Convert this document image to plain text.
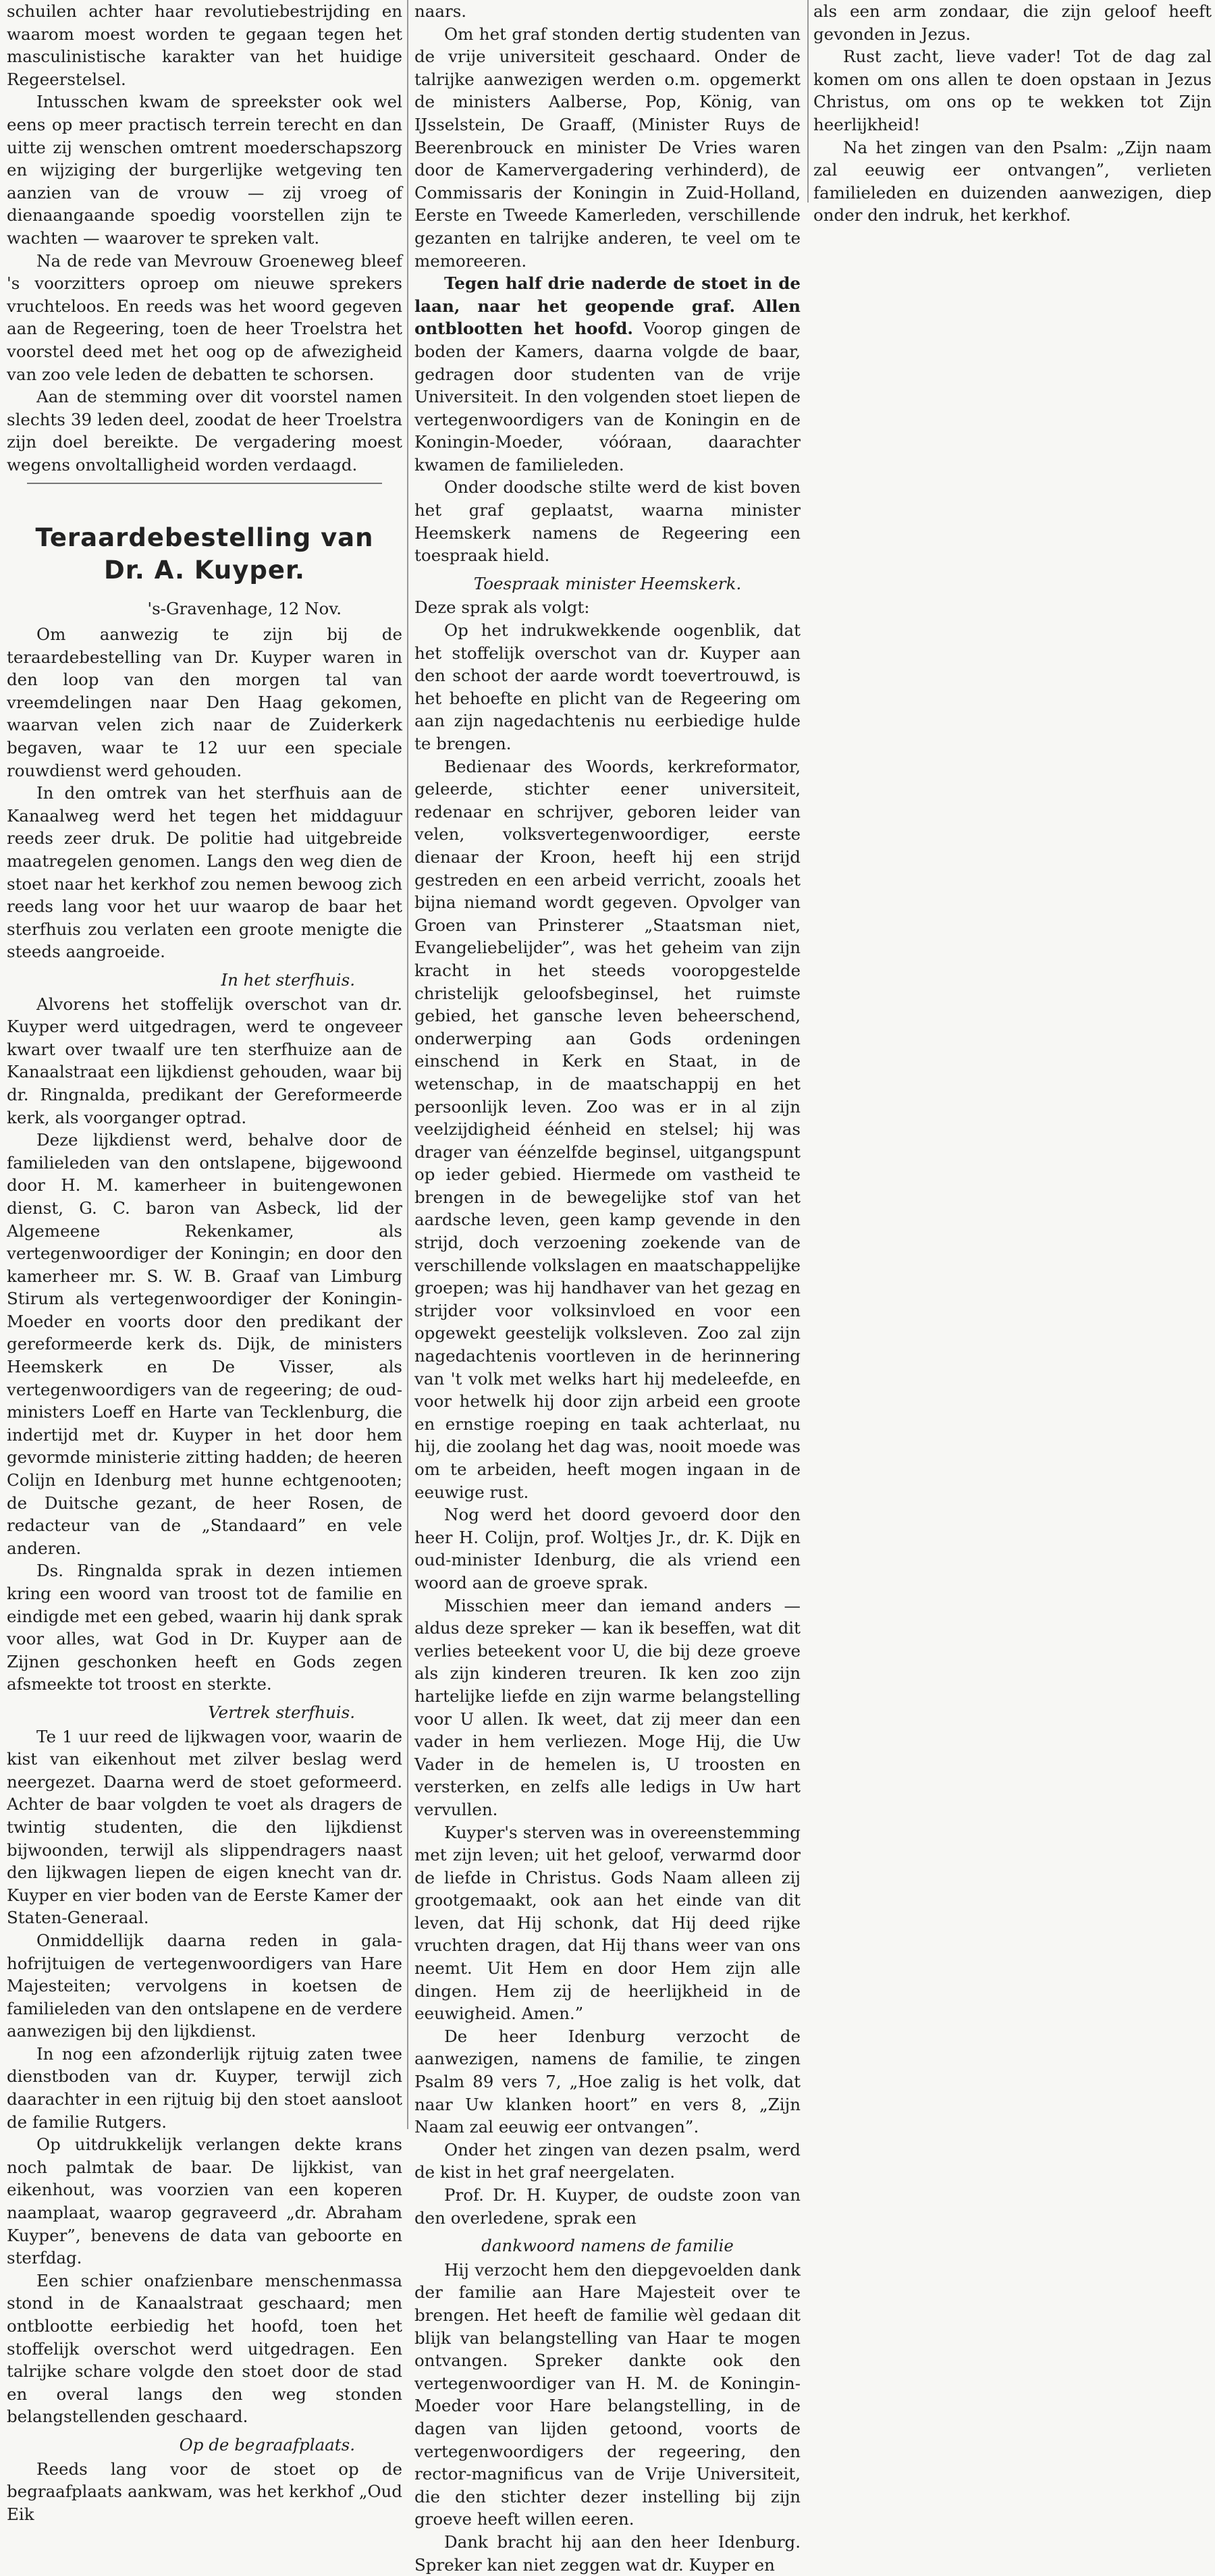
schuilen achter haar revolutiebestrijding en waarom moest worden te gegaan tegen het masculinistische karakter van het huidige Regeerstelsel.

Intusschen kwam de spreekster ook wel eens op meer practisch terrein terecht en dan uitte zij wenschen omtrent moederschapszorg en wijziging der burgerlijke wetgeving ten aanzien van de vrouw — zij vroeg of dienaangaande spoedig voorstellen zijn te wachten — waarover te spreken valt.

Na de rede van Mevrouw Groeneweg bleef 's voorzitters oproep om nieuwe sprekers vruchteloos. En reeds was het woord gegeven aan de Regeering, toen de heer Troelstra het voorstel deed met het oog op de afwezigheid van zoo vele leden de debatten te schorsen.

Aan de stemming over dit voorstel namen slechts 39 leden deel, zoodat de heer Troelstra zijn doel bereikte. De vergadering moest wegens onvoltalligheid worden verdaagd.

Teraardebestelling van
Dr. A. Kuyper.
's-Gravenhage, 12 Nov.

Om aanwezig te zijn bij de teraardebestelling van Dr. Kuyper waren in den loop van den morgen tal van vreemdelingen naar Den Haag gekomen, waarvan velen zich naar de Zuiderkerk begaven, waar te 12 uur een speciale rouwdienst werd gehouden.

In den omtrek van het sterfhuis aan de Kanaalweg werd het tegen het middaguur reeds zeer druk. De politie had uitgebreide maatregelen genomen. Langs den weg dien de stoet naar het kerkhof zou nemen bewoog zich reeds lang voor het uur waarop de baar het sterfhuis zou verlaten een groote menigte die steeds aangroeide.

In het sterfhuis.

Alvorens het stoffelijk overschot van dr. Kuyper werd uitgedragen, werd te ongeveer kwart over twaalf ure ten sterfhuize aan de Kanaalstraat een lijkdienst gehouden, waar bij dr. Ringnalda, predikant der Gereformeerde kerk, als voorganger optrad.

Deze lijkdienst werd, behalve door de familieleden van den ontslapene, bijgewoond door H. M. kamerheer in buitengewonen dienst, G. C. baron van Asbeck, lid der Algemeene Rekenkamer, als vertegenwoordiger der Koningin; en door den kamerheer mr. S. W. B. Graaf van Limburg Stirum als vertegenwoordiger der Koningin-Moeder en voorts door den predikant der gereformeerde kerk ds. Dijk, de ministers Heemskerk en De Visser, als vertegenwoordigers van de regeering; de oud-ministers Loeff en Harte van Tecklenburg, die indertijd met dr. Kuyper in het door hem gevormde ministerie zitting hadden; de heeren Colijn en Idenburg met hunne echtgenooten; de Duitsche gezant, de heer Rosen, de redacteur van de „Standaard” en vele anderen.

Ds. Ringnalda sprak in dezen intiemen kring een woord van troost tot de familie en eindigde met een gebed, waarin hij dank sprak voor alles, wat God in Dr. Kuyper aan de Zijnen geschonken heeft en Gods zegen afsmeekte tot troost en sterkte.

Vertrek sterfhuis.

Te 1 uur reed de lijkwagen voor, waarin de kist van eikenhout met zilver beslag werd neergezet. Daarna werd de stoet geformeerd. Achter de baar volgden te voet als dragers de twintig studenten, die den lijkdienst bijwoonden, terwijl als slippendragers naast den lijkwagen liepen de eigen knecht van dr. Kuyper en vier boden van de Eerste Kamer der Staten-Generaal.

Onmiddellijk daarna reden in gala-hofrijtuigen de vertegenwoordigers van Hare Majesteiten; vervolgens in koetsen de familieleden van den ontslapene en de verdere aanwezigen bij den lijkdienst.

In nog een afzonderlijk rijtuig zaten twee dienstboden van dr. Kuyper, terwijl zich daarachter in een rijtuig bij den stoet aansloot de familie Rutgers.

Op uitdrukkelijk verlangen dekte krans noch palmtak de baar. De lijkkist, van eikenhout, was voorzien van een koperen naamplaat, waarop gegraveerd „dr. Abraham Kuyper”, benevens de data van geboorte en sterfdag.

Een schier onafzienbare menschenmassa stond in de Kanaalstraat geschaard; men ontblootte eerbiedig het hoofd, toen het stoffelijk overschot werd uitgedragen. Een talrijke schare volgde den stoet door de stad en overal langs den weg stonden belangstellenden geschaard.

Op de begraafplaats.

Reeds lang voor de stoet op de begraafplaats aankwam, was het kerkhof „Oud Eik

naars.

Om het graf stonden dertig studenten van de vrije universiteit geschaard. Onder de talrijke aanwezigen werden o.m. opgemerkt de ministers Aalberse, Pop, König, van IJsselstein, De Graaff, (Minister Ruys de Beerenbrouck en minister De Vries waren door de Kamervergadering verhinderd), de Commissaris der Koningin in Zuid-Holland, Eerste en Tweede Kamerleden, verschillende gezanten en talrijke anderen, te veel om te memoreeren.

Tegen half drie naderde de stoet in de laan, naar het geopende graf. Allen ontblootten het hoofd. Voorop gingen de boden der Kamers, daarna volgde de baar, gedragen door studenten van de vrije Universiteit. In den volgenden stoet liepen de vertegenwoordigers van de Koningin en de Koningin-Moeder, vóóraan, daarachter kwamen de familieleden.

Onder doodsche stilte werd de kist boven het graf geplaatst, waarna minister Heemskerk namens de Regeering een toespraak hield.

Toespraak minister Heemskerk.

Deze sprak als volgt:

Op het indrukwekkende oogenblik, dat het stoffelijk overschot van dr. Kuyper aan den schoot der aarde wordt toevertrouwd, is het behoefte en plicht van de Regeering om aan zijn nagedachtenis nu eerbiedige hulde te brengen.

Bedienaar des Woords, kerkreformator, geleerde, stichter eener universiteit, redenaar en schrijver, geboren leider van velen, volksvertegenwoordiger, eerste dienaar der Kroon, heeft hij een strijd gestreden en een arbeid verricht, zooals het bijna niemand wordt gegeven. Opvolger van Groen van Prinsterer „Staatsman niet, Evangeliebelijder”, was het geheim van zijn kracht in het steeds vooropgestelde christelijk geloofsbeginsel, het ruimste gebied, het gansche leven beheerschend, onderwerping aan Gods ordeningen einschend in Kerk en Staat, in de wetenschap, in de maatschappij en het persoonlijk leven. Zoo was er in al zijn veelzijdigheid éénheid en stelsel; hij was drager van éénzelfde beginsel, uitgangspunt op ieder gebied. Hiermede om vastheid te brengen in de bewegelijke stof van het aardsche leven, geen kamp gevende in den strijd, doch verzoening zoekende van de verschillende volkslagen en maatschappelijke groepen; was hij handhaver van het gezag en strijder voor volksinvloed en voor een opgewekt geestelijk volksleven. Zoo zal zijn nagedachtenis voortleven in de herinnering van 't volk met welks hart hij medeleefde, en voor hetwelk hij door zijn arbeid een groote en ernstige roeping en taak achterlaat, nu hij, die zoolang het dag was, nooit moede was om te arbeiden, heeft mogen ingaan in de eeuwige rust.

Nog werd het doord gevoerd door den heer H. Colijn, prof. Woltjes Jr., dr. K. Dijk en oud-minister Idenburg, die als vriend een woord aan de groeve sprak.

Misschien meer dan iemand anders — aldus deze spreker — kan ik beseffen, wat dit verlies beteekent voor U, die bij deze groeve als zijn kinderen treuren. Ik ken zoo zijn hartelijke liefde en zijn warme belangstelling voor U allen. Ik weet, dat zij meer dan een vader in hem verliezen. Moge Hij, die Uw Vader in de hemelen is, U troosten en versterken, en zelfs alle ledigs in Uw hart vervullen.

Kuyper's sterven was in overeenstemming met zijn leven; uit het geloof, verwarmd door de liefde in Christus. Gods Naam alleen zij grootgemaakt, ook aan het einde van dit leven, dat Hij schonk, dat Hij deed rijke vruchten dragen, dat Hij thans weer van ons neemt. Uit Hem en door Hem zijn alle dingen. Hem zij de heerlijkheid in de eeuwigheid. Amen.”

De heer Idenburg verzocht de aanwezigen, namens de familie, te zingen Psalm 89 vers 7, „Hoe zalig is het volk, dat naar Uw klanken hoort” en vers 8, „Zijn Naam zal eeuwig eer ontvangen”.

Onder het zingen van dezen psalm, werd de kist in het graf neergelaten.

Prof. Dr. H. Kuyper, de oudste zoon van den overledene, sprak een

dankwoord namens de familie

Hij verzocht hem den diepgevoelden dank der familie aan Hare Majesteit over te brengen. Het heeft de familie wèl gedaan dit blijk van belangstelling van Haar te mogen ontvangen. Spreker dankte ook den vertegenwoordiger van H. M. de Koningin-Moeder voor Hare belangstelling, in de dagen van lijden getoond, voorts de vertegenwoordigers der regeering, den rector-magnificus van de Vrije Universiteit, die den stichter dezer instelling bij zijn groeve heeft willen eeren.

Dank bracht hij aan den heer Idenburg. Spreker kan niet zeggen wat dr. Kuyper en

als een arm zondaar, die zijn geloof heeft gevonden in Jezus.

Rust zacht, lieve vader! Tot de dag zal komen om ons allen te doen opstaan in Jezus Christus, om ons op te wekken tot Zijn heerlijkheid!

Na het zingen van den Psalm: „Zijn naam zal eeuwig eer ontvangen”, verlieten familieleden en duizenden aanwezigen, diep onder den indruk, het kerkhof.
